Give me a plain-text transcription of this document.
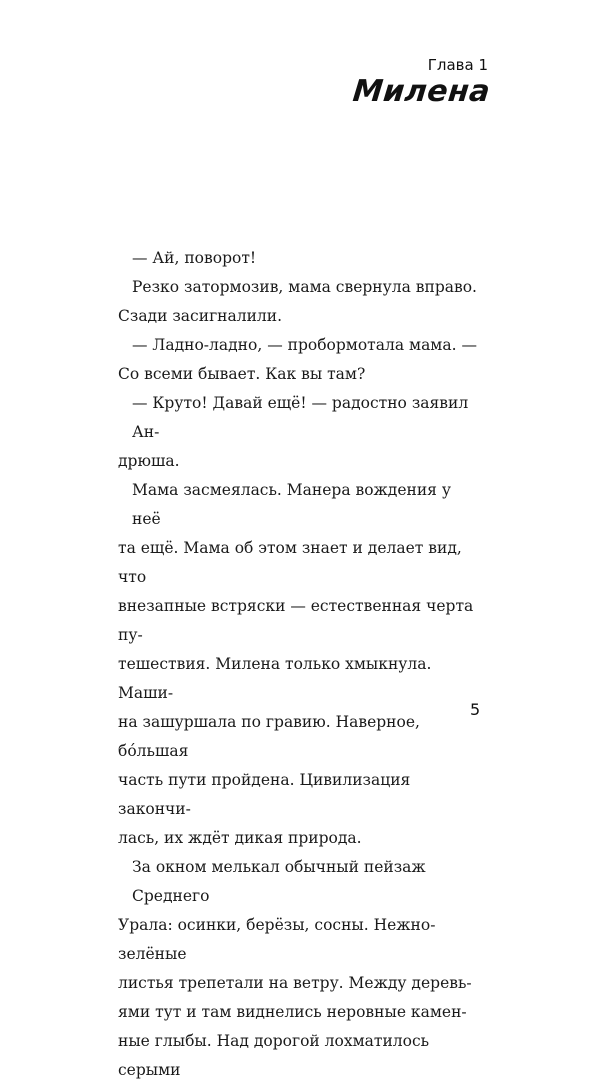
Глава 1
Милена

— Ай, поворот!

Резко затормозив, мама свернула вправо.

Сзади засигналили.

— Ладно-ладно, — пробормотала мама. —

Со всеми бывает. Как вы там?

— Круто! Давай ещё! — радостно заявил Ан-

дрюша.

Мама засмеялась. Манера вождения у неё

та ещё. Мама об этом знает и делает вид, что

внезапные встряски — естественная черта пу-

тешествия. Милена только хмыкнула. Маши-

на зашуршала по гравию. Наверное, бóльшая

часть пути пройдена. Цивилизация закончи-

лась, их ждёт дикая природа.

За окном мелькал обычный пейзаж Среднего

Урала: осинки, берёзы, сосны. Нежно-зелёные

листья трепетали на ветру. Между деревь-

ями тут и там виднелись неровные камен-

ные глыбы. Над дорогой лохматилось серыми

5
